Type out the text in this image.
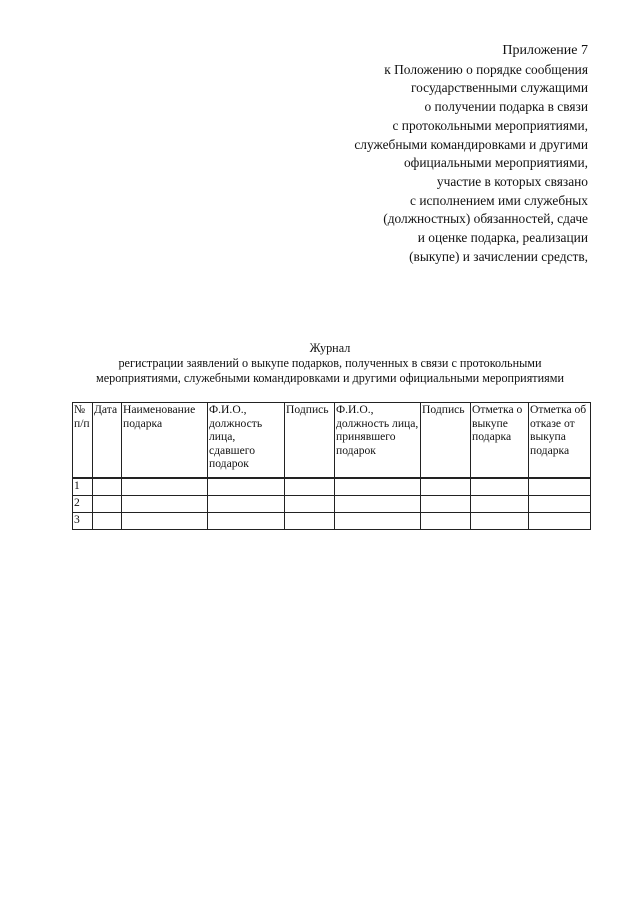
Приложение 7
к Положению о порядке сообщения
государственными служащими
о получении подарка в связи
с протокольными мероприятиями,
служебными командировками и другими
официальными мероприятиями,
участие в которых связано
с исполнением ими служебных
(должностных) обязанностей, сдаче
и оценке подарка, реализации
(выкупе) и зачислении средств,
Журнал
регистрации заявлений о выкупе подарков, полученных в связи с протокольными
мероприятиями, служебными командировками и другими официальными мероприятиями
№ п/п	Дата	Наименование подарка	Ф.И.О., должность лица, сдавшего подарок	Подпись	Ф.И.О., должность лица, принявшего подарок	Подпись	Отметка о выкупе подарка	Отметка об отказе от выкупа подарка
1								
2								
3								
